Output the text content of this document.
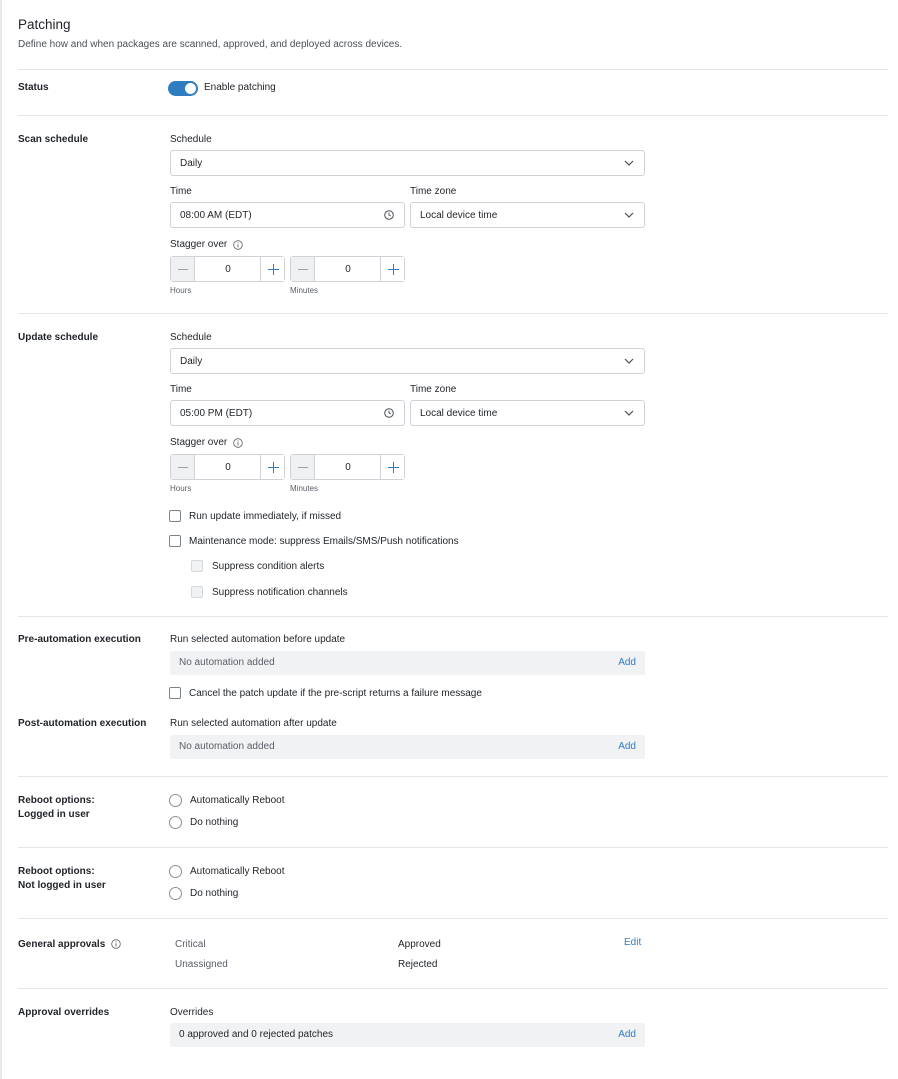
Patching
Define how and when packages are scanned, approved, and deployed across devices.
Status	Enable patching
Scan schedule	Schedule
Daily
Time	Time zone
08:00 AM (EDT)	Local device time
Stagger over
0	0
Hours	Minutes
Update schedule	Schedule
Daily
Time	Time zone
05:00 PM (EDT)	Local device time
Stagger over
0	0
Hours	Minutes
Run update immediately, if missed
Maintenance mode: suppress Emails/SMS/Push notifications
Suppress condition alerts
Suppress notification channels
Pre-automation execution	Run selected automation before update
No automation added	Add
Cancel the patch update if the pre-script returns a failure message
Post-automation execution Run selected automation after update
No automation added	Add
Reboot options:
Logged in user
Automatically Reboot
Do nothing
Reboot options:
Not logged in user
Automatically Reboot
Do nothing
General approvals	Critical	Approved
Unassigned	Rejected
Edit
Approval overrides	Overrides
0 approved and 0 rejected patches	Add
